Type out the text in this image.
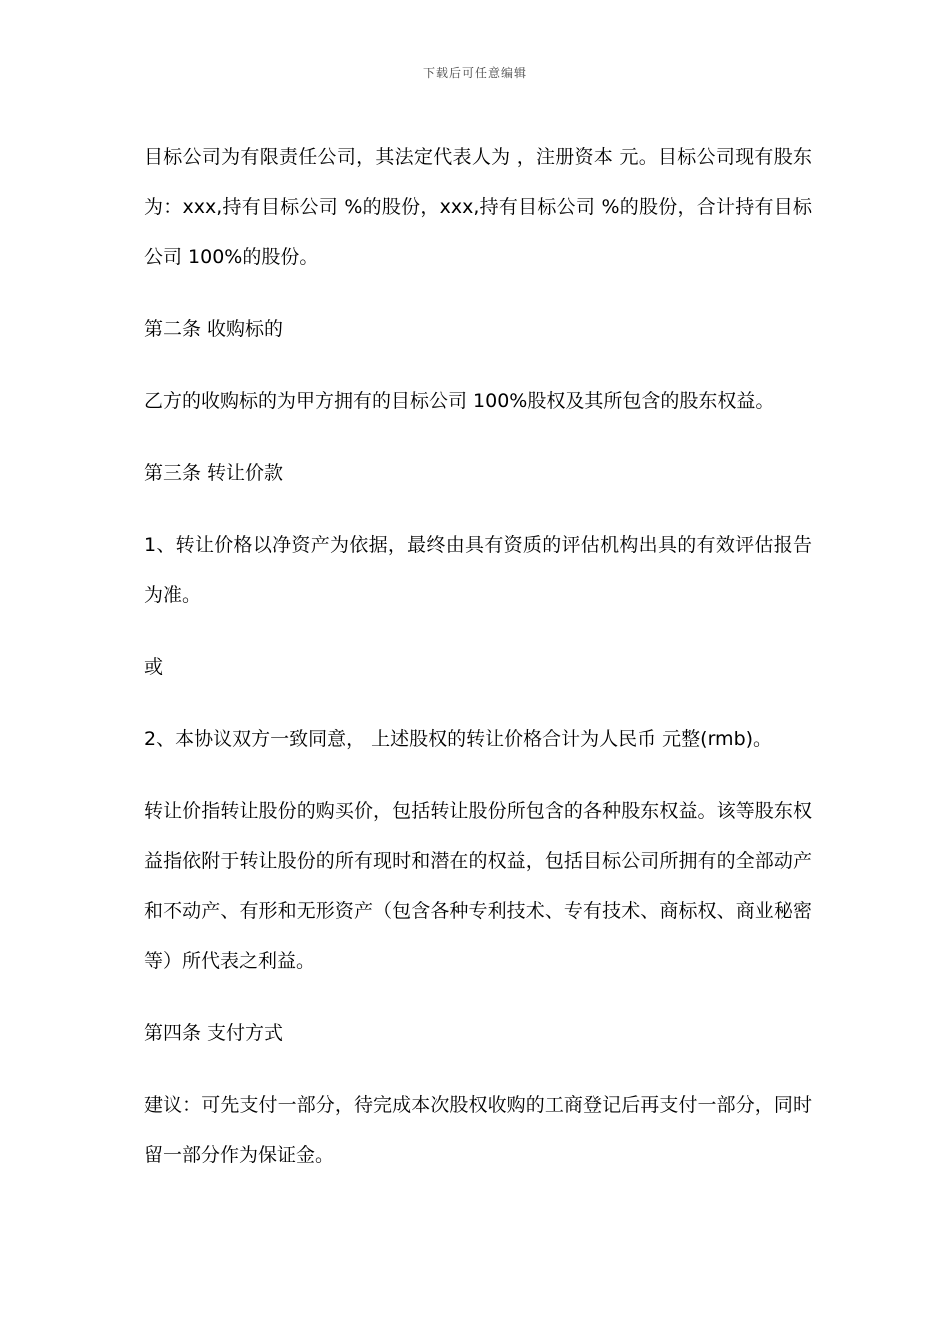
下载后可任意编辑

目标公司为有限责任公司，其法定代表人为 ，注册资本 元。目标公司现有股东为：xxx,持有目标公司 %的股份，xxx,持有目标公司 %的股份，合计持有目标公司 100%的股份。

第二条 收购标的

乙方的收购标的为甲方拥有的目标公司 100%股权及其所包含的股东权益。

第三条 转让价款

1、转让价格以净资产为依据，最终由具有资质的评估机构出具的有效评估报告为准。

或

2、本协议双方一致同意， 上述股权的转让价格合计为人民币 元整(rmb)。

转让价指转让股份的购买价，包括转让股份所包含的各种股东权益。该等股东权益指依附于转让股份的所有现时和潜在的权益，包括目标公司所拥有的全部动产和不动产、有形和无形资产（包含各种专利技术、专有技术、商标权、商业秘密等）所代表之利益。

第四条 支付方式

建议：可先支付一部分，待完成本次股权收购的工商登记后再支付一部分，同时留一部分作为保证金。
